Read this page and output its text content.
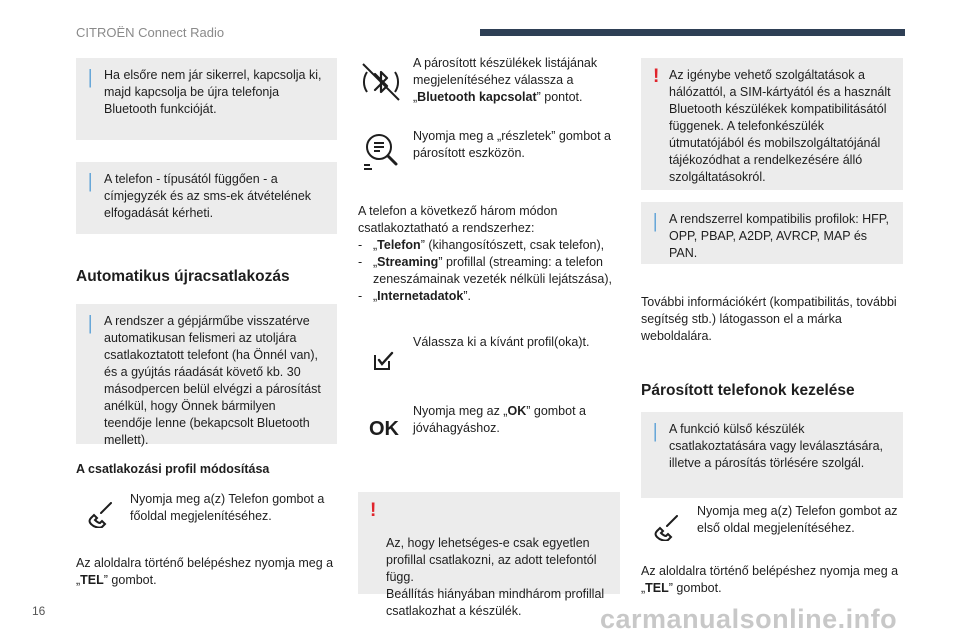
CITROËN Connect Radio
| Ha elsőre nem jár sikerrel, kapcsolja ki, majd kapcsolja be újra telefonja Bluetooth funkcióját.
| A telefon - típusától függően - a címjegyzék és az sms-ek átvételének elfogadását kérheti.
Automatikus újracsatlakozás
| A rendszer a gépjárműbe visszatérve automatikusan felismeri az utoljára csatlakoztatott telefont (ha Önnél van), és a gyújtás ráadását követő kb. 30 másodpercen belül elvégzi a párosítást anélkül, hogy Önnek bármilyen teendője lenne (bekapcsolt Bluetooth mellett).
A csatlakozási profil módosítása
Nyomja meg a(z) Telefon gombot a főoldal megjelenítéséhez.
Az aloldalra történő belépéshez nyomja meg a „TEL” gombot.
A párosított készülékek listájának megjelenítéséhez válassza a „Bluetooth kapcsolat” pontot.
Nyomja meg a „részletek” gombot a párosított eszközön.
A telefon a következő három módon csatlakoztatható a rendszerhez:
- „Telefon” (kihangosítószett, csak telefon),
- „Streaming” profillal (streaming: a telefon zeneszámainak vezeték nélküli lejátszása),
- „Internetadatok”.
Válassza ki a kívánt profil(oka)t.
OK
Nyomja meg az „OK” gombot a jóváhagyáshoz.

!

Az, hogy lehetséges-e csak egyetlen profillal csatlakozni, az adott telefontól függ.
Beállítás hiányában mindhárom profillal csatlakozhat a készülék.

! Az igénybe vehető szolgáltatások a hálózattól, a SIM-kártyától és a használt Bluetooth készülékek kompatibilitásától függenek. A telefonkészülék útmutatójából és mobilszolgáltatójánál tájékozódhat a rendelkezésére álló szolgáltatásokról.
| A rendszerrel kompatibilis profilok: HFP, OPP, PBAP, A2DP, AVRCP, MAP és PAN.
További információkért (kompatibilitás, további segítség stb.) látogasson el a márka weboldalára.
Párosított telefonok kezelése
| A funkció külső készülék csatlakoztatására vagy leválasztására, illetve a párosítás törlésére szolgál.
Nyomja meg a(z) Telefon gombot az első oldal megjelenítéséhez.
Az aloldalra történő belépéshez nyomja meg a „TEL” gombot.
16	carmanualsonline.info
